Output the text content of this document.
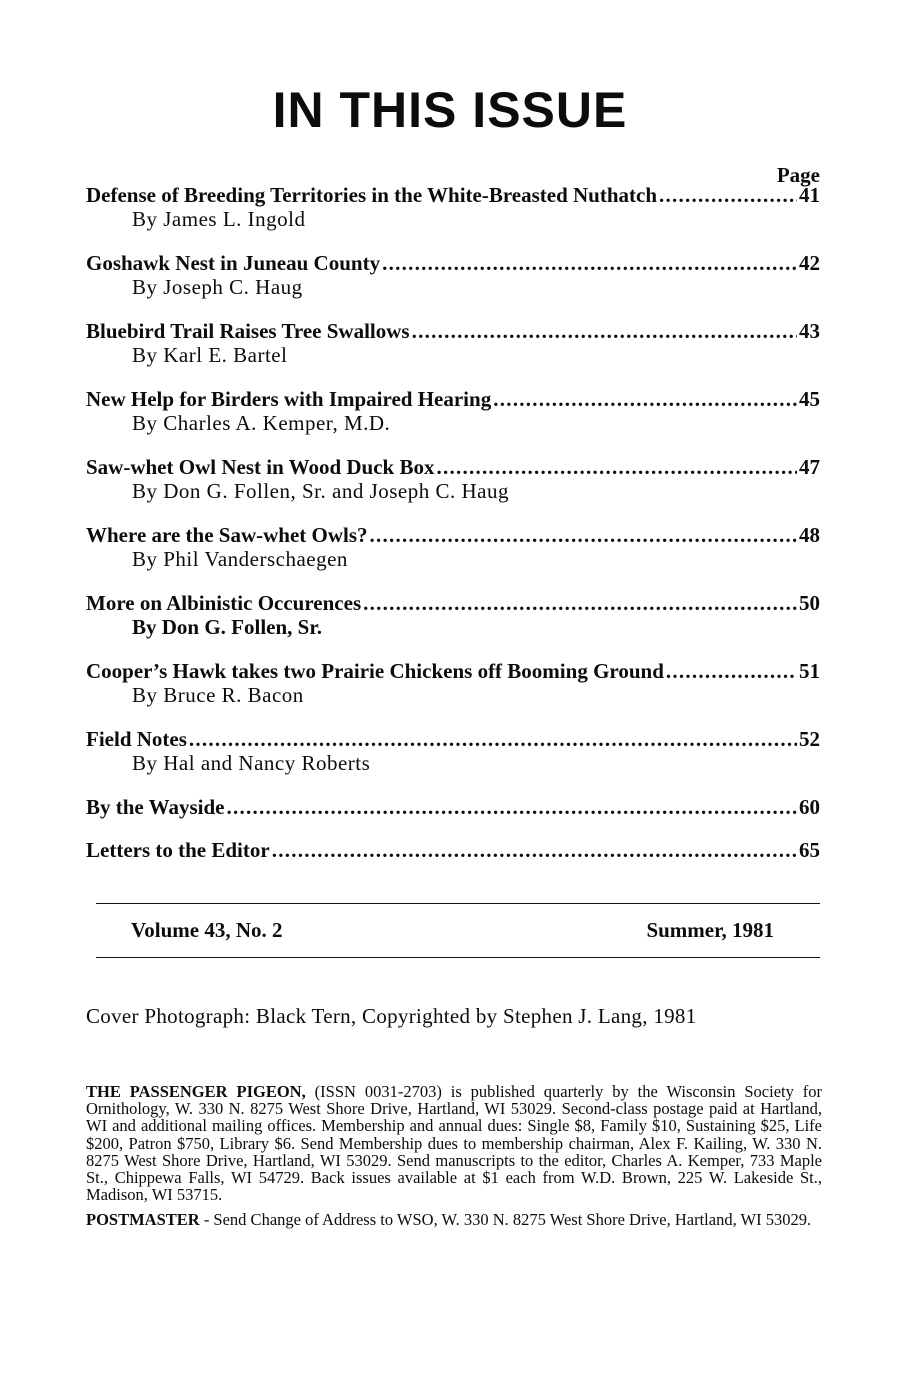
IN THIS ISSUE
Page
Defense of Breeding Territories in the White-Breasted Nuthatch . . .	41
By James L. Ingold
Goshawk Nest in Juneau County . . .	42
By Joseph C. Haug
Bluebird Trail Raises Tree Swallows . . .	43
By Karl E. Bartel
New Help for Birders with Impaired Hearing . . .	45
By Charles A. Kemper, M.D.
Saw-whet Owl Nest in Wood Duck Box . . .	47
By Don G. Follen, Sr. and Joseph C. Haug
Where are the Saw-whet Owls? . . .	48
By Phil Vanderschaegen
More on Albinistic Occurences . . .	50
By Don G. Follen, Sr.
Cooper’s Hawk takes two Prairie Chickens off Booming Ground . . .	51
By Bruce R. Bacon
Field Notes . . .	52
By Hal and Nancy Roberts
By the Wayside . . .	60
Letters to the Editor . . .	65
Volume 43, No. 2	Summer, 1981
Cover Photograph: Black Tern, Copyrighted by Stephen J. Lang, 1981

THE PASSENGER PIGEON, (ISSN 0031-2703) is published quarterly by the Wisconsin Society for Ornithology, W. 330 N. 8275 West Shore Drive, Hartland, WI 53029. Second-class postage paid at Hartland, WI and additional mailing offices. Membership and annual dues: Single $8, Family $10, Sustaining $25, Life $200, Patron $750, Library $6. Send Membership dues to membership chairman, Alex F. Kailing, W. 330 N. 8275 West Shore Drive, Hartland, WI 53029. Send manuscripts to the editor, Charles A. Kemper, 733 Maple St., Chippewa Falls, WI 54729. Back issues available at $1 each from W.D. Brown, 225 W. Lakeside St., Madison, WI 53715.

POSTMASTER - Send Change of Address to WSO, W. 330 N. 8275 West Shore Drive, Hartland, WI 53029.
